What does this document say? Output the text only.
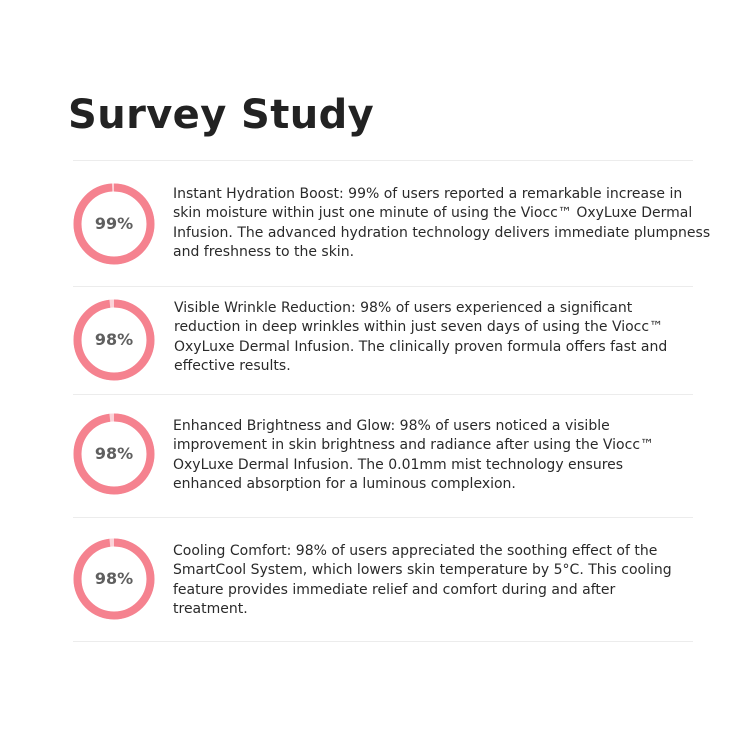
Survey Study
99%

Instant Hydration Boost: 99% of users reported a remarkable increase in skin moisture within just one minute of using the Viocc™ OxyLuxe Dermal Infusion. The advanced hydration technology delivers immediate plumpness and freshness to the skin.

98%

Visible Wrinkle Reduction: 98% of users experienced a significant reduction in deep wrinkles within just seven days of using the Viocc™ OxyLuxe Dermal Infusion. The clinically proven formula offers fast and effective results.

98%

Enhanced Brightness and Glow: 98% of users noticed a visible improvement in skin brightness and radiance after using the Viocc™ OxyLuxe Dermal Infusion. The 0.01mm mist technology ensures enhanced absorption for a luminous complexion.

98%

Cooling Comfort: 98% of users appreciated the soothing effect of the SmartCool System, which lowers skin temperature by 5°C. This cooling feature provides immediate relief and comfort during and after treatment.
